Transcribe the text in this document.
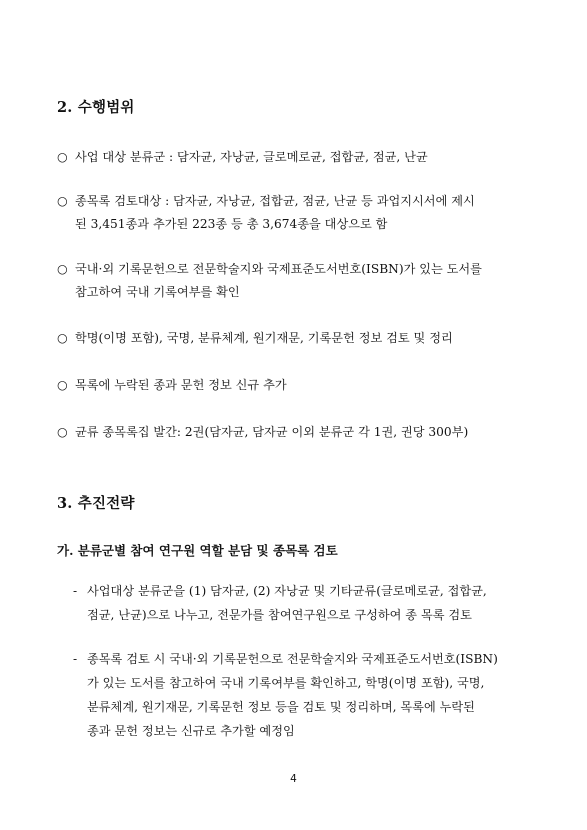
2. 수행범위
○ 사업 대상 분류군 : 담자균, 자낭균, 글로메로균, 접합균, 점균, 난균
○ 종목록 검토대상 : 담자균, 자낭균, 접합균, 점균, 난균 등 과업지시서에 제시
된 3,451종과 추가된 223종 등 총 3,674종을 대상으로 함
○ 국내·외 기록문헌으로 전문학술지와 국제표준도서번호(ISBN)가 있는 도서를
참고하여 국내 기록여부를 확인
○ 학명(이명 포함), 국명, 분류체계, 원기재문, 기록문헌 정보 검토 및 정리
○ 목록에 누락된 종과 문헌 정보 신규 추가
○ 균류 종목록집 발간: 2권(담자균, 담자균 이외 분류군 각 1권, 권당 300부)
3. 추진전략
가. 분류군별 참여 연구원 역할 분담 및 종목록 검토
- 사업대상 분류군을 (1) 담자균, (2) 자낭균 및 기타균류(글로메로균, 접합균,
점균, 난균)으로 나누고, 전문가를 참여연구원으로 구성하여 종 목록 검토
- 종목록 검토 시 국내·외 기록문헌으로 전문학술지와 국제표준도서번호(ISBN)
가 있는 도서를 참고하여 국내 기록여부를 확인하고, 학명(이명 포함), 국명,
분류체계, 원기재문, 기록문헌 정보 등을 검토 및 정리하며, 목록에 누락된
종과 문헌 정보는 신규로 추가할 예정임
4
